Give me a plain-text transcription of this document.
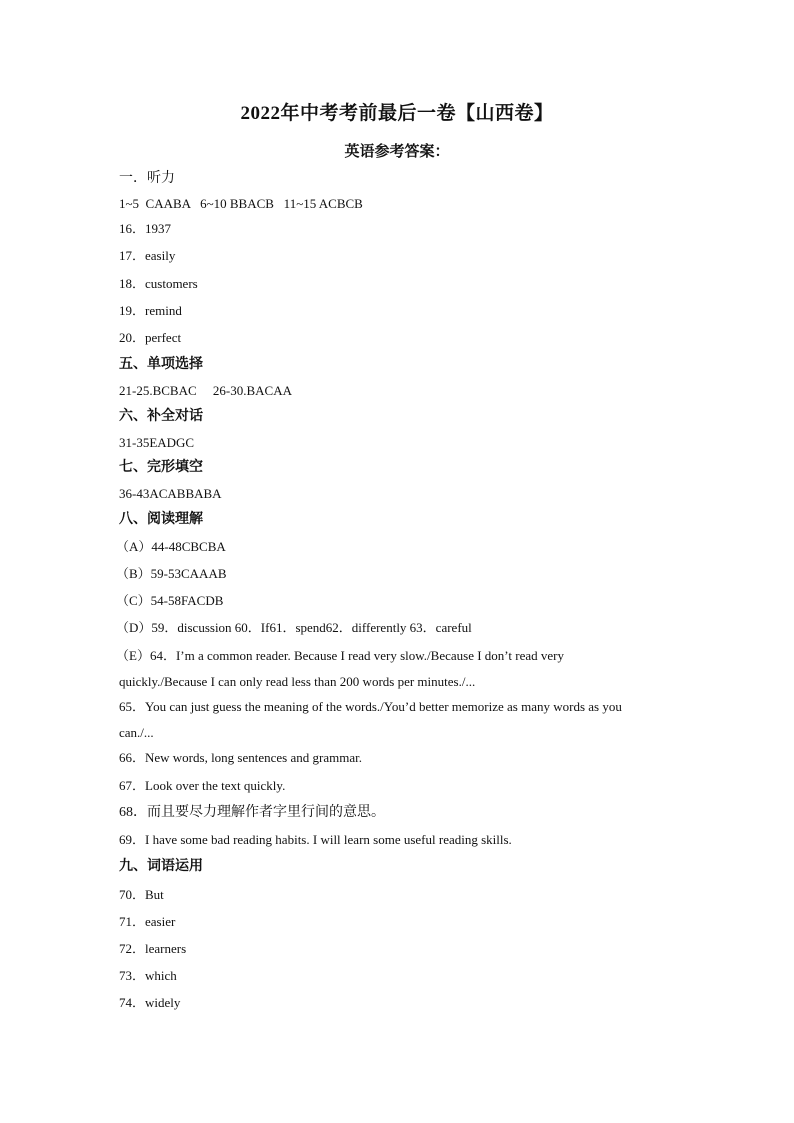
2022年中考考前最后一卷【山西卷】
英语参考答案：
一．听力
1~5  CAABA   6~10 BBACB   11~15 ACBCB
16．1937
17．easily
18．customers
19．remind
20．perfect
五、单项选择
21-25.BCBAC     26-30.BACAA
六、补全对话
31-35EADGC
七、完形填空
36-43ACABBABA
八、阅读理解
（A）44-48CBCBA
（B）59-53CAAAB
（C）54-58FACDB
（D）59．discussion 60．If61．spend62．differently 63．careful
（E）64．I’m a common reader. Because I read very slow./Because I don’t read very
quickly./Because I can only read less than 200 words per minutes./...
65．You can just guess the meaning of the words./You’d better memorize as many words as you
can./...
66．New words, long sentences and grammar.
67．Look over the text quickly.
68．而且要尽力理解作者字里行间的意思。
69．I have some bad reading habits. I will learn some useful reading skills.
九、词语运用
70．But
71．easier
72．learners
73．which
74．widely
